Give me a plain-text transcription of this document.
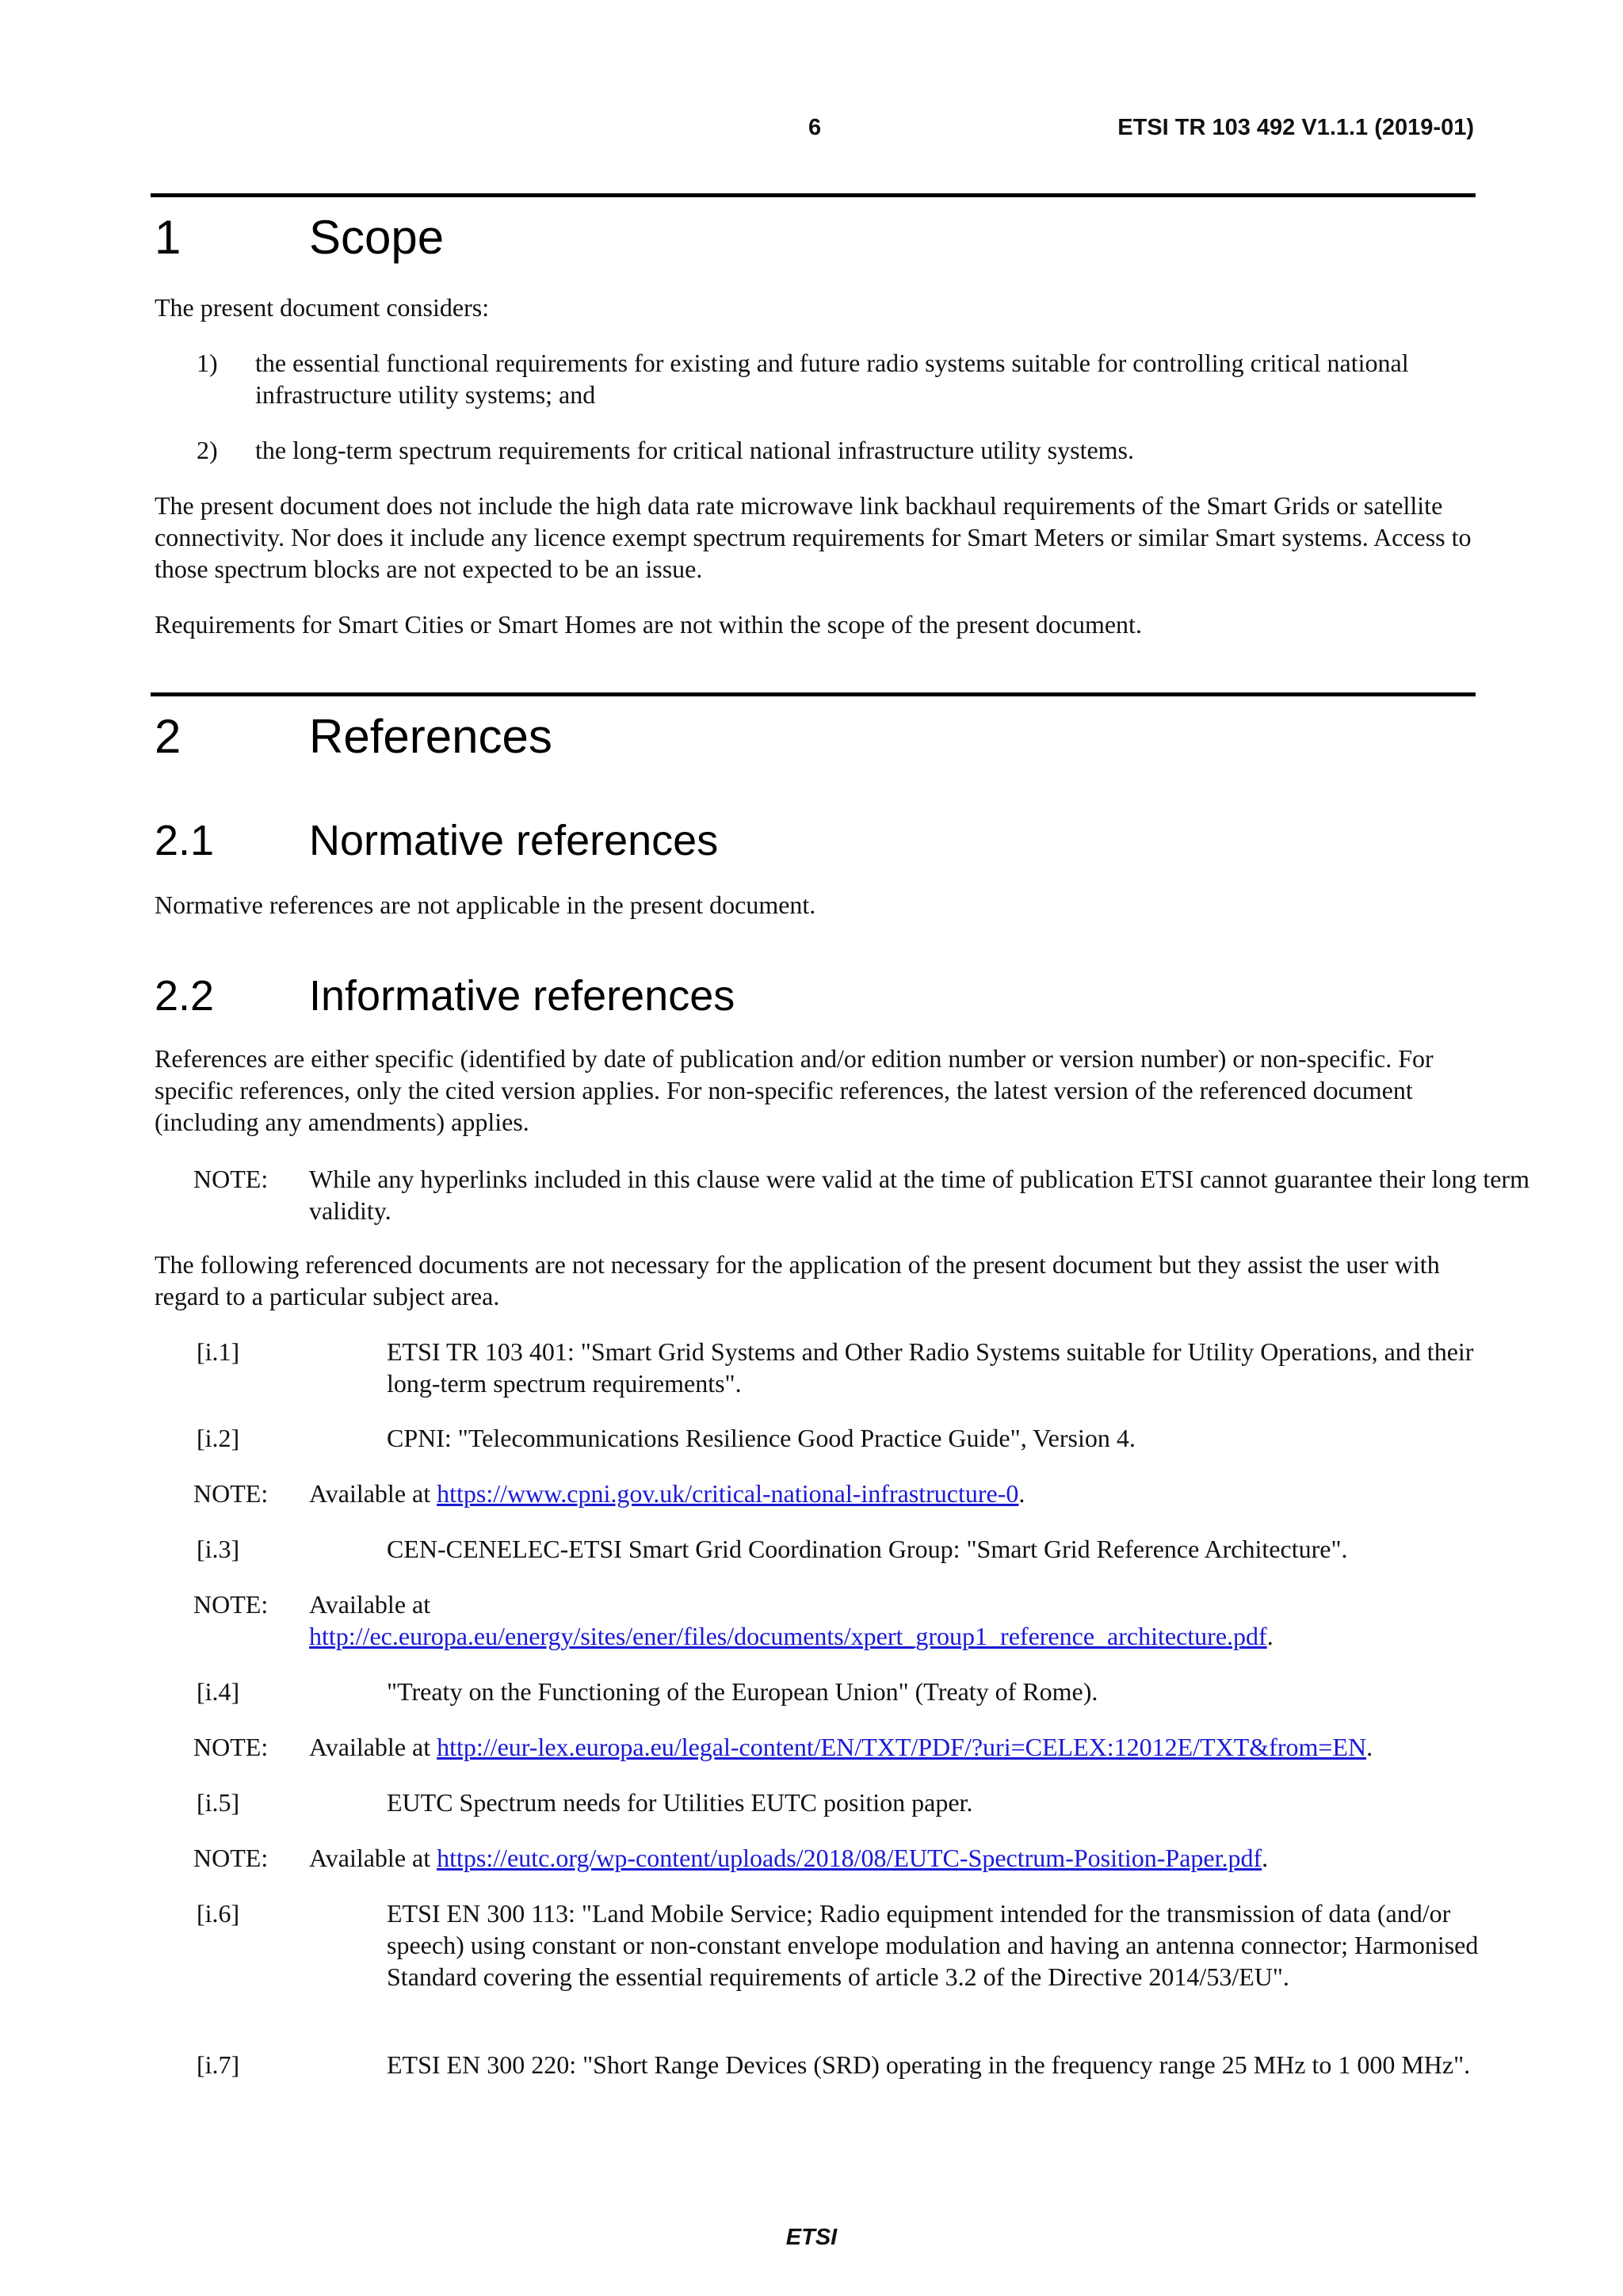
6	ETSI TR 103 492 V1.1.1 (2019-01)
1	Scope

The present document considers:

1) the essential functional requirements for existing and future radio systems suitable for controlling critical national infrastructure utility systems; and
2) the long-term spectrum requirements for critical national infrastructure utility systems.

The present document does not include the high data rate microwave link backhaul requirements of the Smart Grids or satellite connectivity. Nor does it include any licence exempt spectrum requirements for Smart Meters or similar Smart systems. Access to those spectrum blocks are not expected to be an issue.

Requirements for Smart Cities or Smart Homes are not within the scope of the present document.

2	References
2.1 Normative references

Normative references are not applicable in the present document.

2.2 Informative references

References are either specific (identified by date of publication and/or edition number or version number) or non-specific. For specific references, only the cited version applies. For non-specific references, the latest version of the referenced document (including any amendments) applies.

NOTE: While any hyperlinks included in this clause were valid at the time of publication ETSI cannot guarantee their long term validity.

The following referenced documents are not necessary for the application of the present document but they assist the user with regard to a particular subject area.

[i.1]	ETSI TR 103 401: "Smart Grid Systems and Other Radio Systems suitable for Utility Operations, and their long-term spectrum requirements".
[i.2]	CPNI: "Telecommunications Resilience Good Practice Guide", Version 4.
NOTE: Available at https://www.cpni.gov.uk/critical-national-infrastructure-0.
[i.3]	CEN-CENELEC-ETSI Smart Grid Coordination Group: "Smart Grid Reference Architecture".
NOTE: Available at
http://ec.europa.eu/energy/sites/ener/files/documents/xpert_group1_reference_architecture.pdf.
[i.4]	"Treaty on the Functioning of the European Union" (Treaty of Rome).
NOTE: Available at http://eur-lex.europa.eu/legal-content/EN/TXT/PDF/?uri=CELEX:12012E/TXT&from=EN.
[i.5]	EUTC Spectrum needs for Utilities EUTC position paper.
NOTE: Available at https://eutc.org/wp-content/uploads/2018/08/EUTC-Spectrum-Position-Paper.pdf.
[i.6]	ETSI EN 300 113: "Land Mobile Service; Radio equipment intended for the transmission of data (and/or speech) using constant or non-constant envelope modulation and having an antenna connector; Harmonised Standard covering the essential requirements of article 3.2 of the Directive 2014/53/EU".
[i.7]	ETSI EN 300 220: "Short Range Devices (SRD) operating in the frequency range 25 MHz to 1 000 MHz".
ETSI
